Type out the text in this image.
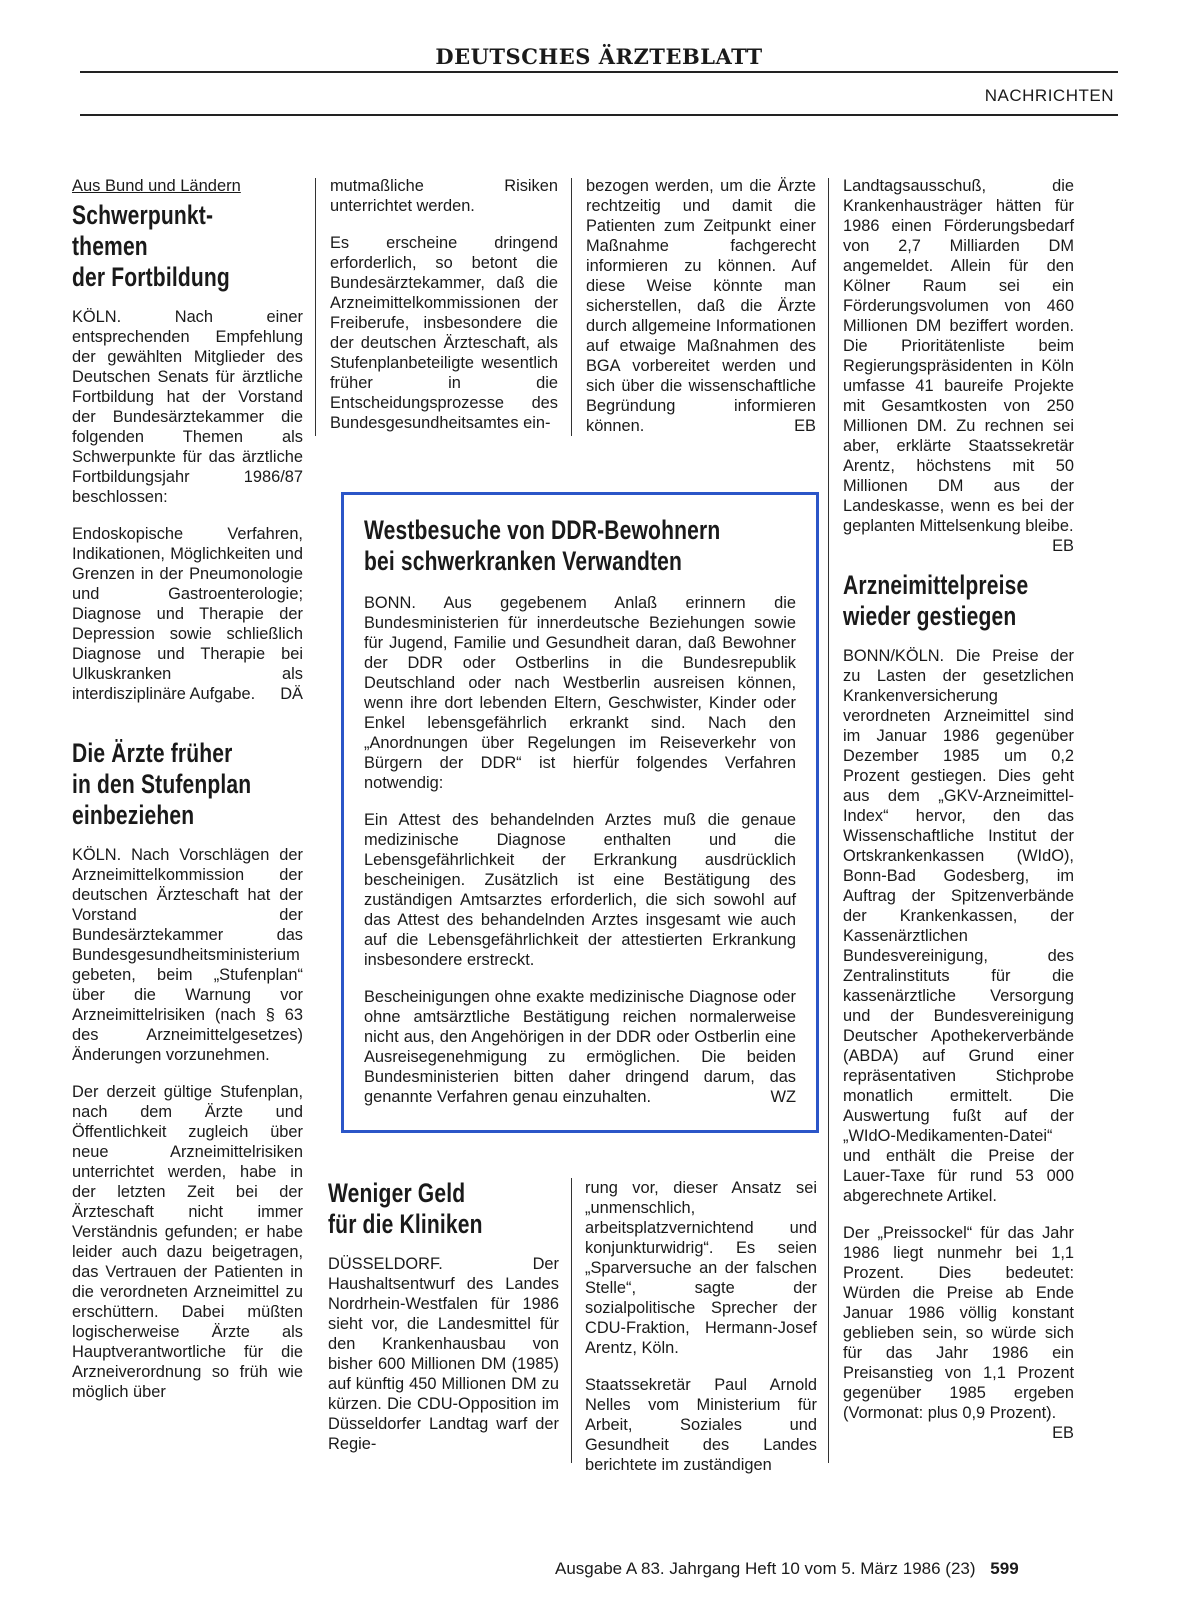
DEUTSCHES ÄRZTEBLATT
NACHRICHTEN
Aus Bund und Ländern
Schwerpunkt-
themen
der Fortbildung

KÖLN. Nach einer entsprechenden Empfehlung der gewählten Mitglieder des Deutschen Senats für ärztliche Fortbildung hat der Vorstand der Bundesärztekammer die folgenden Themen als Schwerpunkte für das ärztliche Fortbildungsjahr 1986/87 beschlossen:

Endoskopische Verfahren, Indikationen, Möglichkeiten und Grenzen in der Pneumonologie und Gastroenterologie; Diagnose und Therapie der Depression sowie schließlich Diagnose und Therapie bei Ulkuskranken als interdisziplinäre Aufgabe. DÄ

Die Ärzte früher
in den Stufenplan
einbeziehen

KÖLN. Nach Vorschlägen der Arzneimittelkommission der deutschen Ärzteschaft hat der Vorstand der Bundesärztekammer das Bundesgesundheitsministerium gebeten, beim „Stufenplan“ über die Warnung vor Arzneimittelrisiken (nach § 63 des Arzneimittelgesetzes) Änderungen vorzunehmen.

Der derzeit gültige Stufenplan, nach dem Ärzte und Öffentlichkeit zugleich über neue Arzneimittelrisiken unterrichtet werden, habe in der letzten Zeit bei der Ärzteschaft nicht immer Verständnis gefunden; er habe leider auch dazu beigetragen, das Vertrauen der Patienten in die verordneten Arzneimittel zu erschüttern. Dabei müßten logischerweise Ärzte als Hauptverantwortliche für die Arzneiverordnung so früh wie möglich über

mutmaßliche Risiken unterrichtet werden.

Es erscheine dringend erforderlich, so betont die Bundesärztekammer, daß die Arzneimittelkommissionen der Freiberufe, insbesondere die der deutschen Ärzteschaft, als Stufenplanbeteiligte wesentlich früher in die Entscheidungsprozesse des Bundesgesundheitsamtes ein-

bezogen werden, um die Ärzte rechtzeitig und damit die Patienten zum Zeitpunkt einer Maßnahme fachgerecht informieren zu können. Auf diese Weise könnte man sicherstellen, daß die Ärzte durch allgemeine Informationen auf etwaige Maßnahmen des BGA vorbereitet werden und sich über die wissenschaftliche Begründung informieren können.	EB

Westbesuche von DDR-Bewohnern
bei schwerkranken Verwandten

BONN. Aus gegebenem Anlaß erinnern die Bundesministerien für innerdeutsche Beziehungen sowie für Jugend, Familie und Gesundheit daran, daß Bewohner der DDR oder Ostberlins in die Bundesrepublik Deutschland oder nach Westberlin ausreisen können, wenn ihre dort lebenden Eltern, Geschwister, Kinder oder Enkel lebensgefährlich erkrankt sind. Nach den „Anordnungen über Regelungen im Reiseverkehr von Bürgern der DDR“ ist hierfür folgendes Verfahren notwendig:

Ein Attest des behandelnden Arztes muß die genaue medizinische Diagnose enthalten und die Lebensgefährlichkeit der Erkrankung ausdrücklich bescheinigen. Zusätzlich ist eine Bestätigung des zuständigen Amtsarztes erforderlich, die sich sowohl auf das Attest des behandelnden Arztes insgesamt wie auch auf die Lebensgefährlichkeit der attestierten Erkrankung insbesondere erstreckt.

Bescheinigungen ohne exakte medizinische Diagnose oder ohne amtsärztliche Bestätigung reichen normalerweise nicht aus, den Angehörigen in der DDR oder Ostberlin eine Ausreisegenehmigung zu ermöglichen. Die beiden Bundesministerien bitten daher dringend darum, das genannte Verfahren genau einzuhalten.	WZ

Weniger Geld
für die Kliniken

DÜSSELDORF. Der Haushaltsentwurf des Landes Nordrhein-Westfalen für 1986 sieht vor, die Landesmittel für den Krankenhausbau von bisher 600 Millionen DM (1985) auf künftig 450 Millionen DM zu kürzen. Die CDU-Opposition im Düsseldorfer Landtag warf der Regie-

rung vor, dieser Ansatz sei „unmenschlich, arbeitsplatzvernichtend und konjunkturwidrig“. Es seien „Sparversuche an der falschen Stelle“, sagte der sozialpolitische Sprecher der CDU-Fraktion, Hermann-Josef Arentz, Köln.

Staatssekretär Paul Arnold Nelles vom Ministerium für Arbeit, Soziales und Gesundheit des Landes berichtete im zuständigen

Landtagsausschuß, die Krankenhausträger hätten für 1986 einen Förderungsbedarf von 2,7 Milliarden DM angemeldet. Allein für den Kölner Raum sei ein Förderungsvolumen von 460 Millionen DM beziffert worden. Die Prioritätenliste beim Regierungspräsidenten in Köln umfasse 41 baureife Projekte mit Gesamtkosten von 250 Millionen DM. Zu rechnen sei aber, erklärte Staatssekretär Arentz, höchstens mit 50 Millionen DM aus der Landeskasse, wenn es bei der geplanten Mittelsenkung bleibe.
EB

Arzneimittelpreise
wieder gestiegen

BONN/KÖLN. Die Preise der zu Lasten der gesetzlichen Krankenversicherung verordneten Arzneimittel sind im Januar 1986 gegenüber Dezember 1985 um 0,2 Prozent gestiegen. Dies geht aus dem „GKV-Arzneimittel-Index“ hervor, den das Wissenschaftliche Institut der Ortskrankenkassen (WIdO), Bonn-Bad Godesberg, im Auftrag der Spitzenverbände der Krankenkassen, der Kassenärztlichen Bundesvereinigung, des Zentralinstituts für die kassenärztliche Versorgung und der Bundesvereinigung Deutscher Apothekerverbände (ABDA) auf Grund einer repräsentativen Stichprobe monatlich ermittelt. Die Auswertung fußt auf der „WIdO-Medikamenten-Datei“ und enthält die Preise der Lauer-Taxe für rund 53 000 abgerechnete Artikel.

Der „Preissockel“ für das Jahr 1986 liegt nunmehr bei 1,1 Prozent. Dies bedeutet: Würden die Preise ab Ende Januar 1986 völlig konstant geblieben sein, so würde sich für das Jahr 1986 ein Preisanstieg von 1,1 Prozent gegenüber 1985 ergeben (Vormonat: plus 0,9 Prozent).
EB

Ausgabe A 83. Jahrgang Heft 10 vom 5. März 1986 (23) 599
